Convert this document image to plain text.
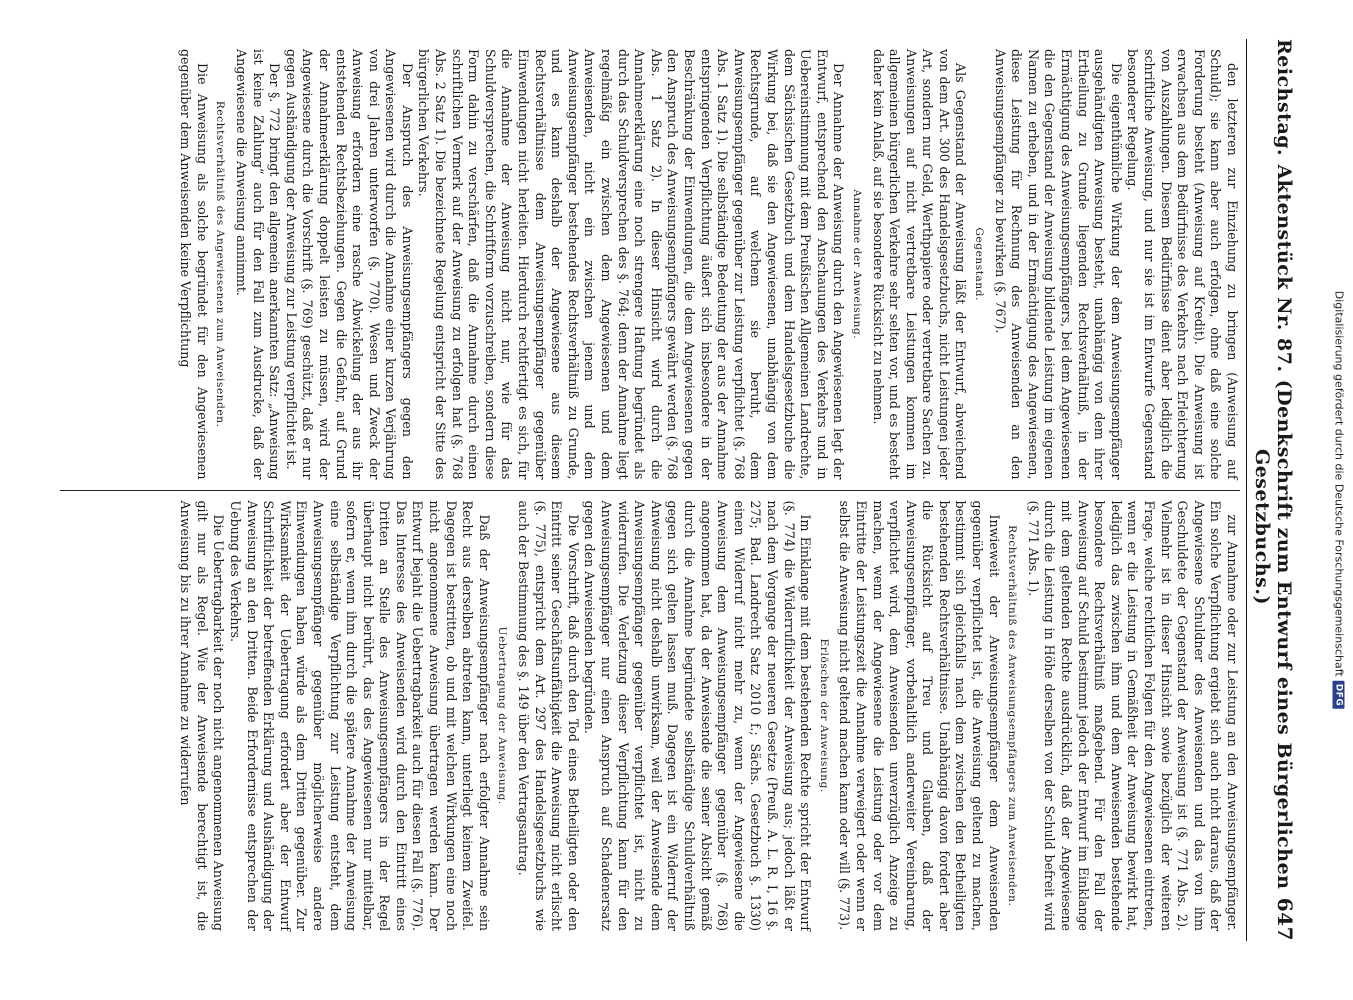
Reichstag.
Aktenstück Nr. 87. (Denkschrift zum Entwurf eines Bürgerlichen Gesetzbuchs.)
647

den letzteren zur Einziehung zu bringen (Anweisung auf Schuld); sie kann aber auch erfolgen, ohne daß eine solche Forderung besteht (Anweisung auf Kredit). Die Anweisung ist erwachsen aus dem Bedürfnisse des Verkehrs nach Erleichterung von Auszahlungen. Diesem Bedürfnisse dient aber lediglich die schriftliche Anweisung, und nur sie ist im Entwurfe Gegenstand besonderer Regelung.

Die eigenthümliche Wirkung der dem Anweisungsempfänger ausgehändigten Anweisung besteht, unabhängig von dem ihrer Ertheilung zu Grunde liegenden Rechtsverhältniß, in der Ermächtigung des Anweisungsempfängers, bei dem Angewiesenen die den Gegenstand der Anweisung bildende Leistung im eigenen Namen zu erheben, und in der Ermächtigung des Angewiesenen, diese Leistung für Rechnung des Anweisenden an den Anweisungsempfänger zu bewirken (§. 767).

Gegenstand.

Als Gegenstand der Anweisung läßt der Entwurf, abweichend von dem Art. 300 des Handelsgesetzbuchs, nicht Leistungen jeder Art, sondern nur Geld, Werthpapiere oder vertretbare Sachen zu. Anweisungen auf nicht vertretbare Leistungen kommen im allgemeinen bürgerlichen Verkehre sehr selten vor, und es besteht daher kein Anlaß, auf sie besondere Rücksicht zu nehmen.

Annahme der Anweisung.

Der Annahme der Anweisung durch den Angewiesenen legt der Entwurf, entsprechend den Anschauungen des Verkehrs und in Uebereinstimmung mit dem Preußischen Allgemeinen Landrechte, dem Sächsischen Gesetzbuch und dem Handelsgesetzbuche die Wirkung bei, daß sie den Angewiesenen, unabhängig von dem Rechtsgrunde, auf welchem sie beruht, dem Anweisungsempfänger gegenüber zur Leistung verpflichtet (§. 768 Abs. 1 Satz 1). Die selbständige Bedeutung der aus der Annahme entspringenden Verpflichtung äußert sich insbesondere in der Beschränkung der Einwendungen, die dem Angewiesenen gegen den Anspruch des Anweisungsempfängers gewährt werden (§. 768 Abs. 1 Satz 2). In dieser Hinsicht wird durch die Annahmeerklärung eine noch strengere Haftung begründet als durch das Schuldversprechen des §. 764; denn der Annahme liegt regelmäßig ein zwischen dem Angewiesenen und dem Anweisenden, nicht ein zwischen jenem und dem Anweisungsempfänger bestehendes Rechtsverhältniß zu Grunde, und es kann deshalb der Angewiesene aus diesem Rechtsverhältnisse dem Anweisungsempfänger gegenüber Einwendungen nicht herleiten. Hierdurch rechtfertigt es sich, für die Annahme der Anweisung nicht nur, wie für das Schuldversprechen, die Schriftform vorzuschreiben, sondern diese Form dahin zu verschärfen, daß die Annahme durch einen schriftlichen Vermerk auf der Anweisung zu erfolgen hat (§. 768 Abs. 2 Satz 1). Die bezeichnete Regelung entspricht der Sitte des bürgerlichen Verkehrs.

Der Anspruch des Anweisungsempfängers gegen den Angewiesenen wird durch die Annahme einer kurzen Verjährung von drei Jahren unterworfen (§. 770). Wesen und Zweck der Anweisung erfordern eine rasche Abwickelung der aus ihr entstehenden Rechtsbeziehungen. Gegen die Gefahr, auf Grund der Annahmeerklärung doppelt leisten zu müssen, wird der Angewiesene durch die Vorschrift (§. 769) geschützt, daß er nur gegen Aushändigung der Anweisung zur Leistung verpflichtet ist.

Der §. 772 bringt den allgemein anerkannten Satz: „Anweisung ist keine Zahlung“ auch für den Fall zum Ausdrucke, daß der Angewiesene die Anweisung annimmt.

Rechtsverhältniß des Angewiesenen zum Anweisenden.

Die Anweisung als solche begründet für den Angewiesenen gegenüber dem Anweisenden keine Verpflichtung

zur Annahme oder zur Leistung an den Anweisungsempfänger. Ein solche Verpflichtung ergiebt sich auch nicht daraus, daß der Angewiesene Schuldner des Anweisenden und das von ihm Geschuldete der Gegenstand der Anweisung ist (§. 771 Abs. 2). Vielmehr ist in dieser Hinsicht sowie bezüglich der weiteren Frage, welche rechtlichen Folgen für den Angewiesenen eintreten, wenn er die Leistung in Gemäßheit der Anweisung bewirkt hat, lediglich das zwischen ihm und dem Anweisenden bestehende besondere Rechtsverhältniß maßgebend. Für den Fall der Anweisung auf Schuld bestimmt jedoch der Entwurf im Einklange mit dem geltenden Rechte ausdrücklich, daß der Angewiesene durch die Leistung in Höhe derselben von der Schuld befreit wird (§. 771 Abs. 1).

Rechtsverhältniß des Anweisungsempfängers zum Anweisenden.

Inwieweit der Anweisungsempfänger dem Anweisenden gegenüber verpflichtet ist, die Anweisung geltend zu machen, bestimmt sich gleichfalls nach dem zwischen den Betheiligten bestehenden Rechtsverhältnisse. Unabhängig davon fordert aber die Rücksicht auf Treu und Glauben, daß der Anweisungsempfänger, vorbehaltlich anderweiter Vereinbarung, verpflichtet wird, dem Anweisenden unverzüglich Anzeige zu machen, wenn der Angewiesene die Leistung oder vor dem Eintritte der Leistungszeit die Annahme verweigert oder wenn er selbst die Anweisung nicht geltend machen kann oder will (§. 773).

Erlöschen der Anweisung.

Im Einklange mit dem bestehenden Rechte spricht der Entwurf (§. 774) die Widerruflichkeit der Anweisung aus; jedoch läßt er nach dem Vorgange der neueren Gesetze (Preuß. A. L. R. I, 16 §. 275; Bad. Landrecht Satz 2010 f.; Sächs. Gesetzbuch §. 1330) einen Widerruf nicht mehr zu, wenn der Angewiesene die Anweisung dem Anweisungsempfänger gegenüber (§. 768) angenommen hat, da der Anweisende die seiner Absicht gemäß durch die Annahme begründete selbständige Schuldverhältniß gegen sich gelten lassen muß. Dagegen ist ein Widerruf der Anweisung nicht deshalb unwirksam, weil der Anweisende dem Anweisungsempfänger gegenüber verpflichtet ist, nicht zu widerrufen. Die Verletzung dieser Verpflichtung kann für den Anweisungsempfänger nur einen Anspruch auf Schadenersatz gegen den Anweisenden begründen.

Die Vorschrift, daß durch den Tod eines Betheiligten oder den Eintritt seiner Geschäftsunfähigkeit die Anweisung nicht erlischt (§. 775), entspricht dem Art. 297 des Handelsgesetzbuchs wie auch der Bestimmung des §. 149 über den Vertragsantrag.

Uebertragung der Anweisung.

Daß der Anweisungsempfänger nach erfolgter Annahme sein Recht aus derselben abtreten kann, unterliegt keinem Zweifel. Dagegen ist bestritten, ob und mit welchen Wirkungen eine noch nicht angenommene Anweisung übertragen werden kann. Der Entwurf bejaht die Uebertragbarkeit auch für diesen Fall (§. 776). Das Interesse des Anweisenden wird durch den Eintritt eines Dritten an Stelle des Anweisungsempfängers in der Regel überhaupt nicht berührt, das des Angewiesenen nur mittelbar, sofern er, wenn ihm durch die spätere Annahme der Anweisung eine selbständige Verpflichtung zur Leistung entsteht, dem Anweisungsempfänger gegenüber möglicherweise andere Einwendungen haben würde als dem Dritten gegenüber. Zur Wirksamkeit der Uebertragung erfordert aber der Entwurf Schriftlichkeit der betreffenden Erklärung und Aushändigung der Anweisung an den Dritten. Beide Erfordernisse entsprechen der Uebung des Verkehrs.

Die Uebertragbarkeit der noch nicht angenommenen Anweisung gilt nur als Regel. Wie der Anweisende berechtigt ist, die Anweisung bis zu ihrer Annahme zu widerrufen	Digitalisierung gefördert durch die Deutsche Forschungsgemeinschaft
DFG
